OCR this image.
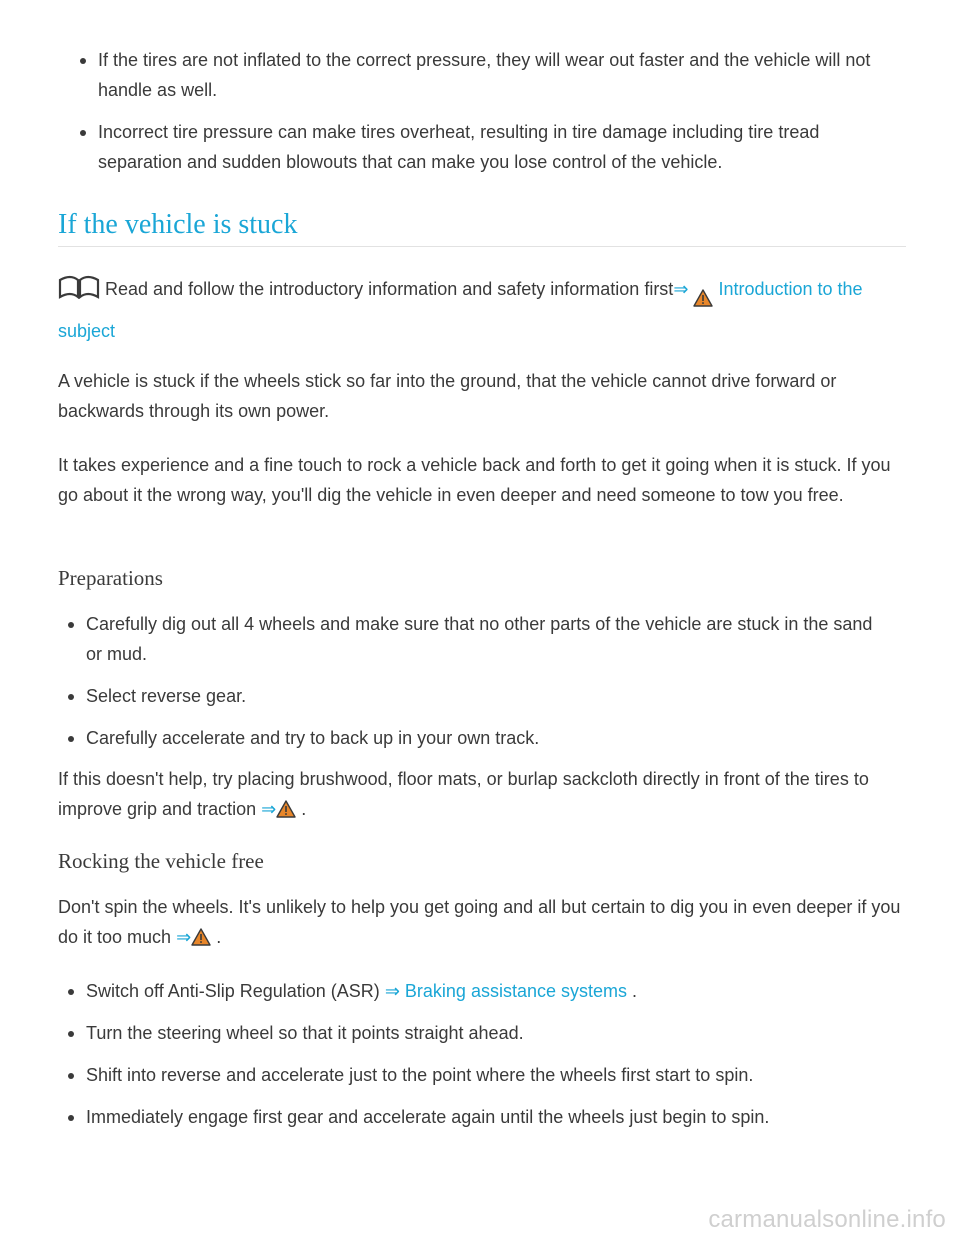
If the tires are not inflated to the correct pressure, they will wear out faster and the vehicle will not handle as well.
Incorrect tire pressure can make tires overheat, resulting in tire damage including tire tread separation and sudden blowouts that can make you lose control of the vehicle.
If the vehicle is stuck
Read and follow the introductory information and safety information first⇒ Introduction to the subject

A vehicle is stuck if the wheels stick so far into the ground, that the vehicle cannot drive forward or backwards through its own power.

It takes experience and a fine touch to rock a vehicle back and forth to get it going when it is stuck. If you go about it the wrong way, you'll dig the vehicle in even deeper and need someone to tow you free.

Preparations
Carefully dig out all 4 wheels and make sure that no other parts of the vehicle are stuck in the sand or mud.
Select reverse gear.
Carefully accelerate and try to back up in your own track.

If this doesn't help, try placing brushwood, floor mats, or burlap sackcloth directly in front of the tires to improve grip and traction ⇒ .

Rocking the vehicle free

Don't spin the wheels. It's unlikely to help you get going and all but certain to dig you in even deeper if you do it too much ⇒ .

Switch off Anti-Slip Regulation (ASR) ⇒ Braking assistance systems .
Turn the steering wheel so that it points straight ahead.
Shift into reverse and accelerate just to the point where the wheels first start to spin.
Immediately engage first gear and accelerate again until the wheels just begin to spin.
carmanualsonline.info
